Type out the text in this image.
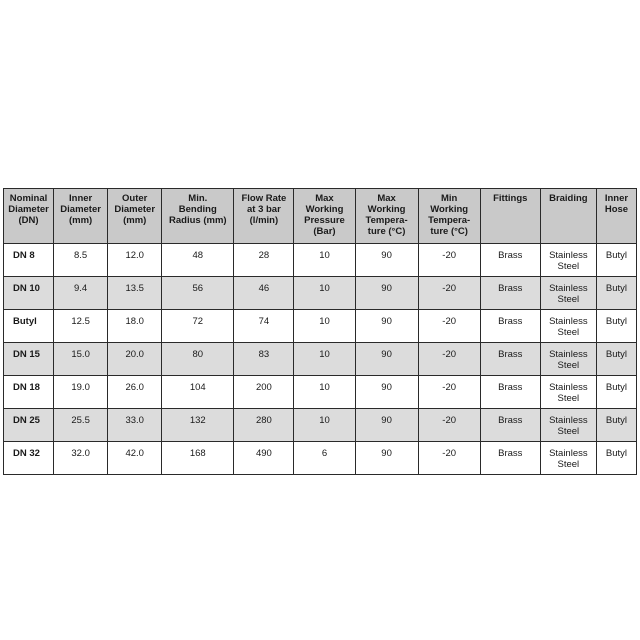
Nominal
Diameter
(DN)	Inner
Diameter
(mm)	Outer
Diameter
(mm)	Min.
Bending
Radius (mm)	Flow Rate
at 3 bar
(l/min)	Max
Working
Pressure
(Bar)	Max
Working
Tempera-
ture (°C)	Min
Working
Tempera-
ture (°C)	Fittings	Braiding	Inner
Hose
DN 8	8.5	12.0	48	28	10	90	-20	Brass	Stainless
Steel	Butyl
DN 10	9.4	13.5	56	46	10	90	-20	Brass	Stainless
Steel	Butyl
Butyl	12.5	18.0	72	74	10	90	-20	Brass	Stainless
Steel	Butyl
DN 15	15.0	20.0	80	83	10	90	-20	Brass	Stainless
Steel	Butyl
DN 18	19.0	26.0	104	200	10	90	-20	Brass	Stainless
Steel	Butyl
DN 25	25.5	33.0	132	280	10	90	-20	Brass	Stainless
Steel	Butyl
DN 32	32.0	42.0	168	490	6	90	-20	Brass	Stainless
Steel	Butyl
